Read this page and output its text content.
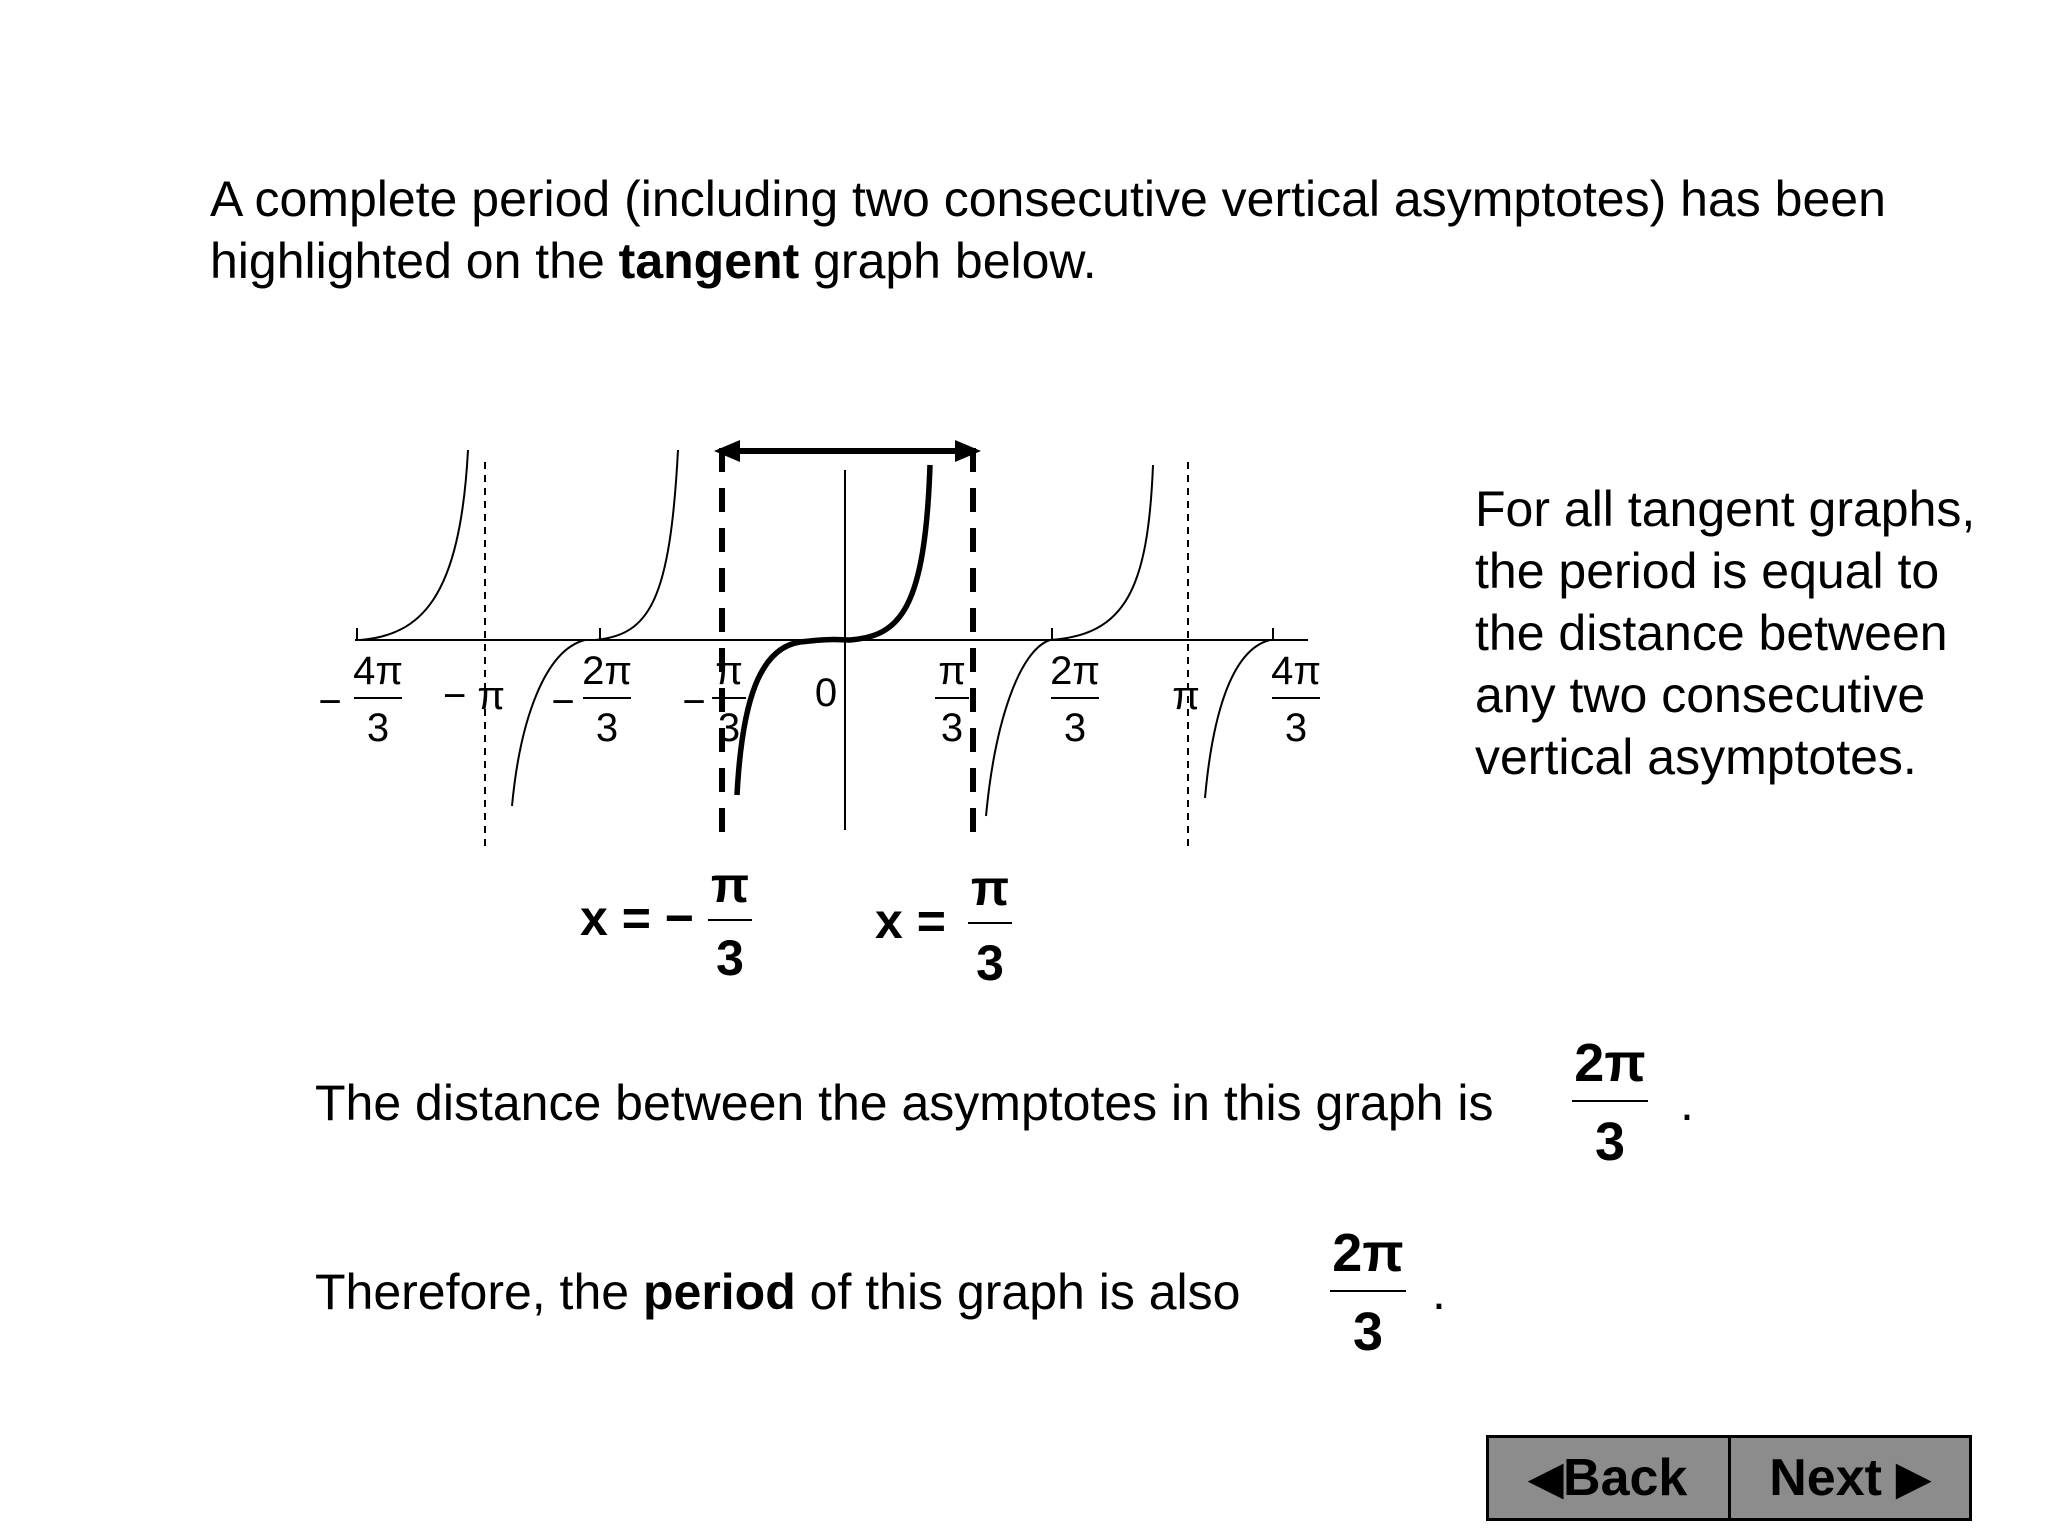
A complete period (including two consecutive vertical asymptotes) has been highlighted on the tangent graph below.

−
4π
3
− π −
2π
3
−
π
3
0	π
3
2π
3
π
4π
3
x = −
π
3
x =
π
3

For all tangent graphs, the period is equal to the distance between any two consecutive vertical asymptotes.

The distance between the asymptotes in this graph is
2π
3
.
Therefore, the period of this graph is also
2π
3
.
◀ Back Next
▶
